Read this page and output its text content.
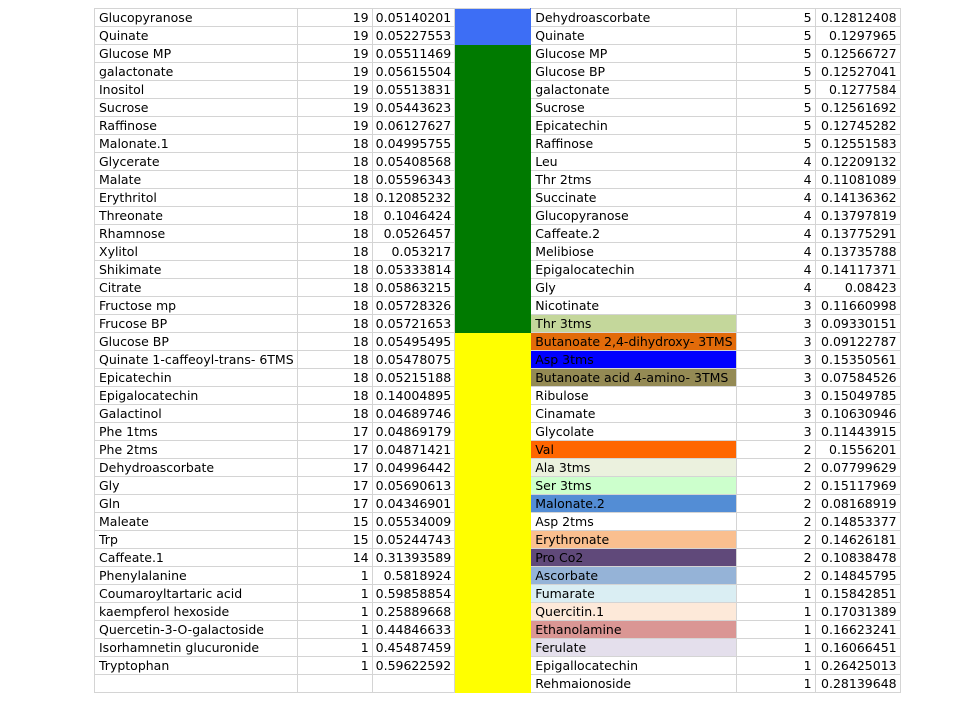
Glucopyranose	19	0.05140201		Dehydroascorbate	5	0.12812408
Quinate	19	0.05227553		Quinate	5	0.1297965
Glucose MP	19	0.05511469		Glucose MP	5	0.12566727
galactonate	19	0.05615504		Glucose BP	5	0.12527041
Inositol	19	0.05513831		galactonate	5	0.1277584
Sucrose	19	0.05443623		Sucrose	5	0.12561692
Raffinose	19	0.06127627		Epicatechin	5	0.12745282
Malonate.1	18	0.04995755		Raffinose	5	0.12551583
Glycerate	18	0.05408568		Leu	4	0.12209132
Malate	18	0.05596343		Thr 2tms	4	0.11081089
Erythritol	18	0.12085232		Succinate	4	0.14136362
Threonate	18	0.1046424		Glucopyranose	4	0.13797819
Rhamnose	18	0.0526457		Caffeate.2	4	0.13775291
Xylitol	18	0.053217		Melibiose	4	0.13735788
Shikimate	18	0.05333814		Epigalocatechin	4	0.14117371
Citrate	18	0.05863215		Gly	4	0.08423
Fructose mp	18	0.05728326		Nicotinate	3	0.11660998
Frucose BP	18	0.05721653		Thr 3tms	3	0.09330151
Glucose BP	18	0.05495495		Butanoate 2,4-dihydroxy- 3TMS	3	0.09122787
Quinate 1-caffeoyl-trans- 6TMS	18	0.05478075		Asp 3tms	3	0.15350561
Epicatechin	18	0.05215188		Butanoate acid 4-amino- 3TMS	3	0.07584526
Epigalocatechin	18	0.14004895		Ribulose	3	0.15049785
Galactinol	18	0.04689746		Cinamate	3	0.10630946
Phe 1tms	17	0.04869179		Glycolate	3	0.11443915
Phe 2tms	17	0.04871421		Val	2	0.1556201
Dehydroascorbate	17	0.04996442		Ala 3tms	2	0.07799629
Gly	17	0.05690613		Ser 3tms	2	0.15117969
Gln	17	0.04346901		Malonate.2	2	0.08168919
Maleate	15	0.05534009		Asp 2tms	2	0.14853377
Trp	15	0.05244743		Erythronate	2	0.14626181
Caffeate.1	14	0.31393589		Pro Co2	2	0.10838478
Phenylalanine	1	0.5818924		Ascorbate	2	0.14845795
Coumaroyltartaric acid	1	0.59858854		Fumarate	1	0.15842851
kaempferol hexoside	1	0.25889668		Quercitin.1	1	0.17031389
Quercetin-3-O-galactoside	1	0.44846633		Ethanolamine	1	0.16623241
Isorhamnetin glucuronide	1	0.45487459		Ferulate	1	0.16066451
Tryptophan	1	0.59622592		Epigallocatechin	1	0.26425013
				Rehmaionoside	1	0.28139648
